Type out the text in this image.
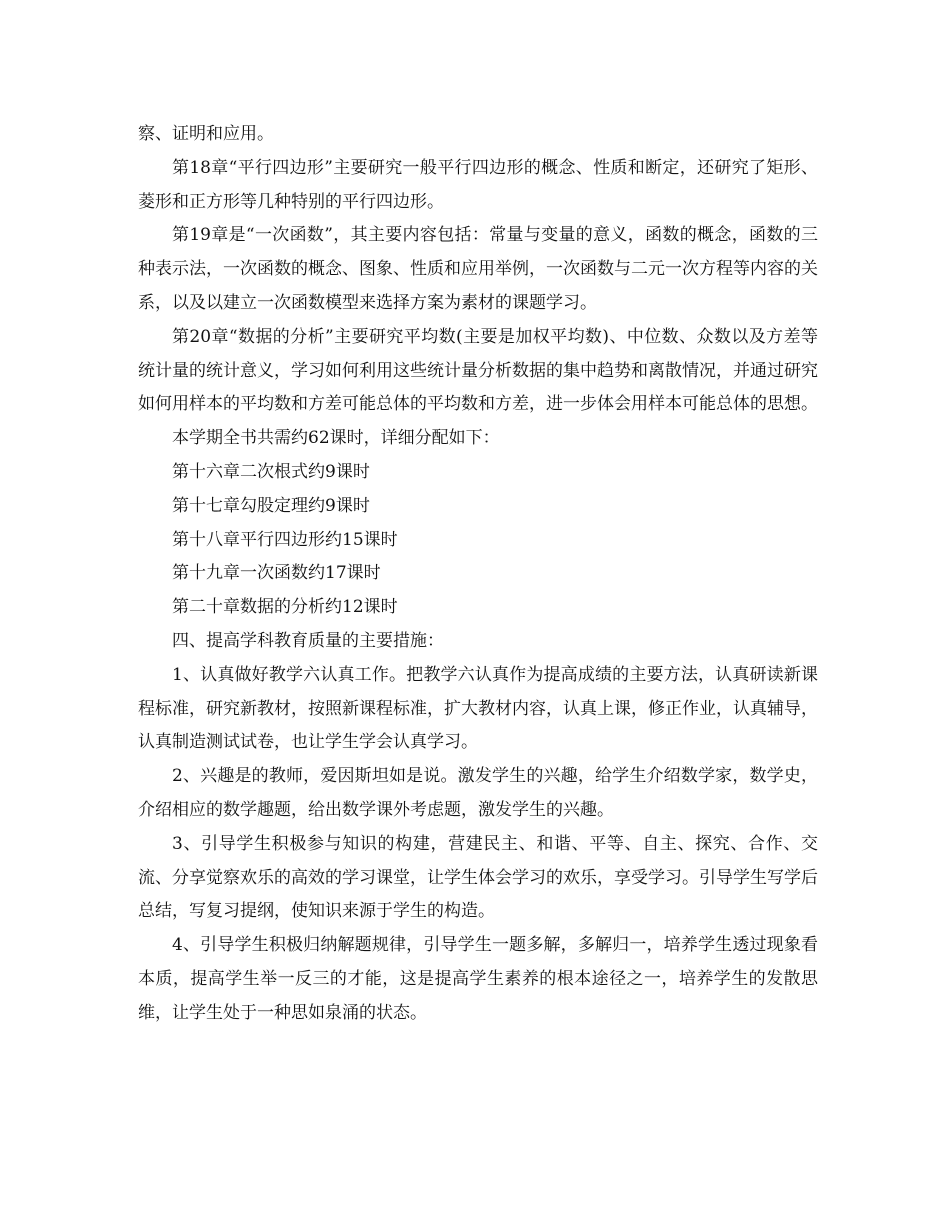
察、证明和应用。

第18章“平行四边形”主要研究一般平行四边形的概念、性质和断定，还研究了矩形、菱形和正方形等几种特别的平行四边形。

第19章是“一次函数”，其主要内容包括：常量与变量的意义，函数的概念，函数的三种表示法，一次函数的概念、图象、性质和应用举例，一次函数与二元一次方程等内容的关系，以及以建立一次函数模型来选择方案为素材的课题学习。

第20章“数据的分析”主要研究平均数(主要是加权平均数)、中位数、众数以及方差等统计量的统计意义，学习如何利用这些统计量分析数据的集中趋势和离散情况，并通过研究如何用样本的平均数和方差可能总体的平均数和方差，进一步体会用样本可能总体的思想。

本学期全书共需约62课时，详细分配如下：

第十六章二次根式约9课时

第十七章勾股定理约9课时

第十八章平行四边形约15课时

第十九章一次函数约17课时

第二十章数据的分析约12课时

四、提高学科教育质量的主要措施：

1、认真做好教学六认真工作。把教学六认真作为提高成绩的主要方法，认真研读新课程标准，研究新教材，按照新课程标准，扩大教材内容，认真上课，修正作业，认真辅导，认真制造测试试卷，也让学生学会认真学习。

2、兴趣是的教师，爱因斯坦如是说。激发学生的兴趣，给学生介绍数学家，数学史，介绍相应的数学趣题，给出数学课外考虑题，激发学生的兴趣。

3、引导学生积极参与知识的构建，营建民主、和谐、平等、自主、探究、合作、交流、分享觉察欢乐的高效的学习课堂，让学生体会学习的欢乐，享受学习。引导学生写学后总结，写复习提纲，使知识来源于学生的构造。

4、引导学生积极归纳解题规律，引导学生一题多解，多解归一，培养学生透过现象看本质，提高学生举一反三的才能，这是提高学生素养的根本途径之一，培养学生的发散思维，让学生处于一种思如泉涌的状态。
